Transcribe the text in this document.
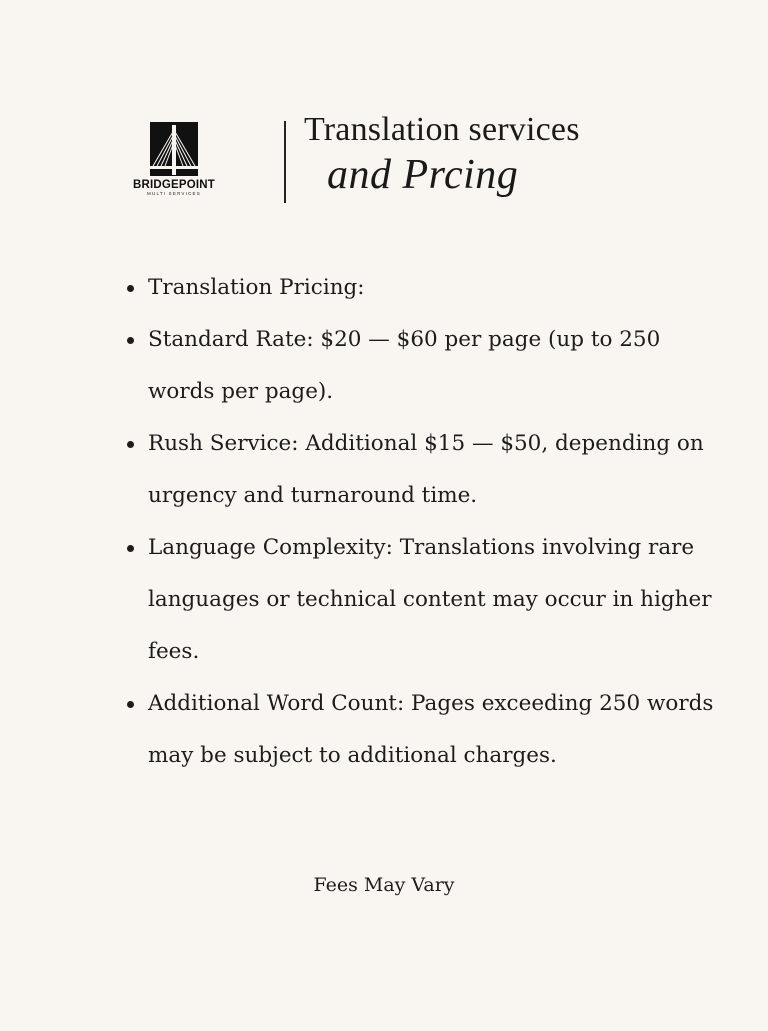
BRIDGEPOINT
MULTI SERVICES
Translation services
and Prcing
Translation Pricing:
Standard Rate: $20 — $60 per page (up to 250 words per page).
Rush Service: Additional $15 — $50, depending on urgency and turnaround time.
Language Complexity: Translations involving rare languages or technical content may occur in higher fees.
Additional Word Count: Pages exceeding 250 words may be subject to additional charges.
Fees May Vary
